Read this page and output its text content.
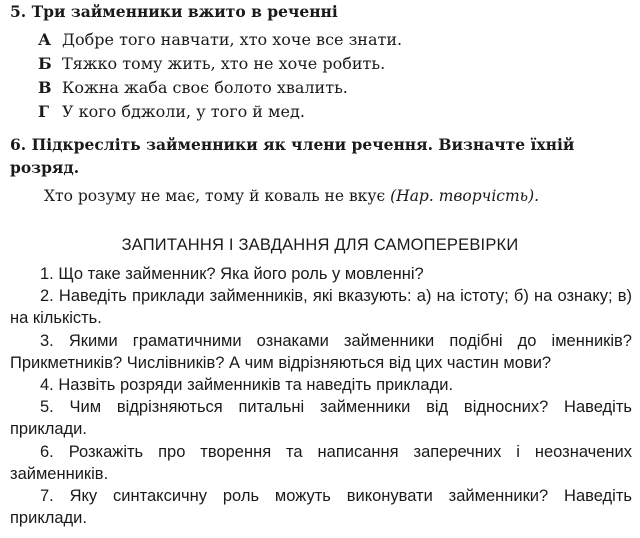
5. Три займенники вжито в реченні
А Добре того навчати, хто хоче все знати.
Б Тяжко тому жить, хто не хоче робить.
В Кожна жаба своє болото хвалить.
Г У кого бджоли, у того й мед.
6. Підкресліть займенники як члени речення. Визначте їхній розряд.
Хто розуму не має, тому й коваль не вкує (Нар. творчість).
ЗАПИТАННЯ І ЗАВДАННЯ ДЛЯ САМОПЕРЕВІРКИ
1. Що таке займенник? Яка його роль у мовленні?
2. Наведіть приклади займенників, які вказують: а) на істоту; б) на ознаку; в) на кількість.
3. Якими граматичними ознаками займенники подібні до іменників? Прикметників? Числівників? А чим відрізняються від цих частин мови?
4. Назвіть розряди займенників та наведіть приклади.
5. Чим відрізняються питальні займенники від відносних? Наведіть приклади.
6. Розкажіть про творення та написання заперечних і неозначених займенників.
7. Яку синтаксичну роль можуть виконувати займенники? Наведіть приклади.
